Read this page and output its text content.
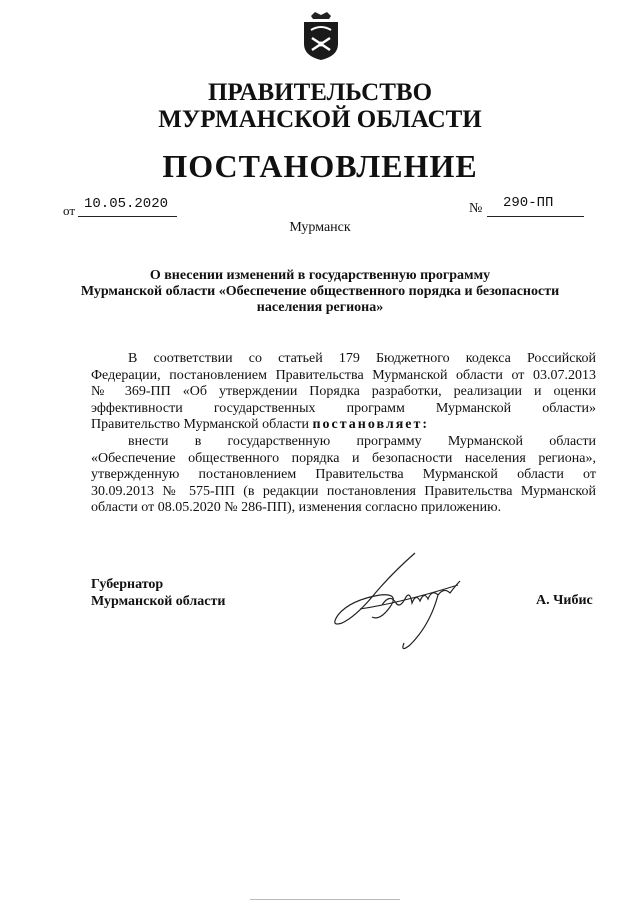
ПРАВИТЕЛЬСТВО
МУРМАНСКОЙ ОБЛАСТИ
ПОСТАНОВЛЕНИЕ
от 10.05.2020	№ 290-ПП
Мурманск
О внесении изменений в государственную программу
Мурманской области «Обеспечение общественного порядка и безопасности
населения региона»
В соответствии со статьей 179 Бюджетного кодекса Российской
Федерации, постановлением Правительства Мурманской области от 03.07.2013
№ 369-ПП «Об утверждении Порядка разработки, реализации и оценки
эффективности государственных программ Мурманской области»
Правительство Мурманской области постановляет:
внести в государственную программу Мурманской области
«Обеспечение общественного порядка и безопасности населения региона»,
утвержденную постановлением Правительства Мурманской области от
30.09.2013 № 575-ПП (в редакции постановления Правительства Мурманской
области от 08.05.2020 № 286-ПП), изменения согласно приложению.
Губернатор
Мурманской области	А. Чибис
